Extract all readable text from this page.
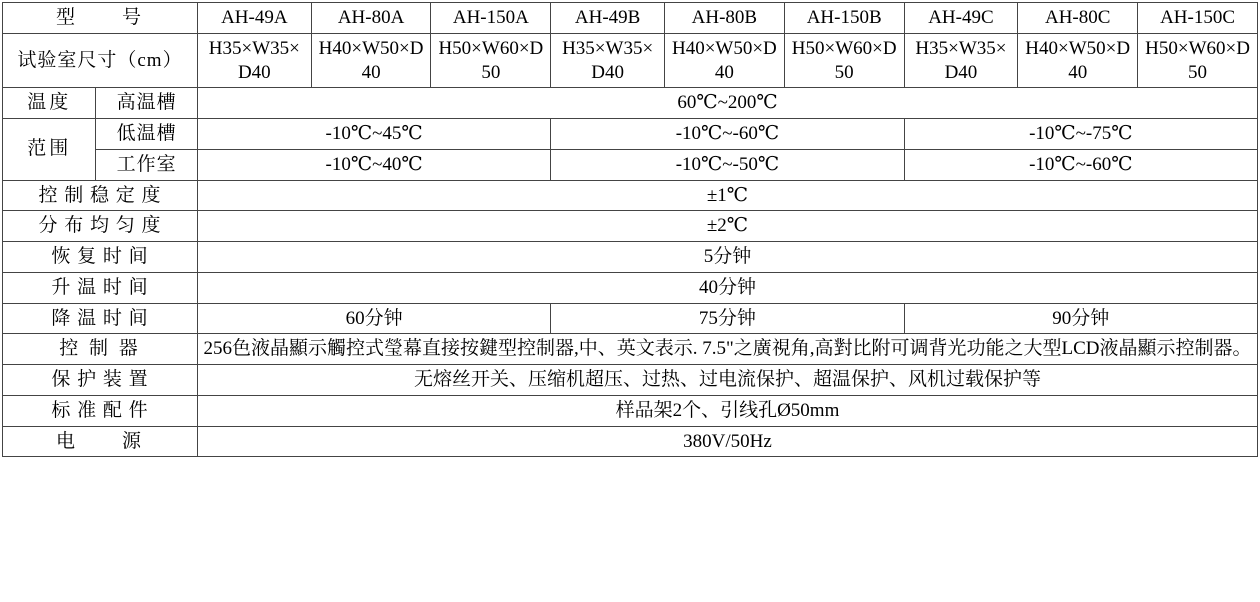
型　　号		AH-49A	AH-80A	AH-150A	AH-49B	AH-80B	AH-150B	AH-49C	AH-80C	AH-150C
试验室尺寸（cm）		H35×W35×D40	H40×W50×D40	H50×W60×D50	H35×W35×D40	H40×W50×D40	H50×W60×D50	H35×W35×D40	H40×W50×D40	H50×W60×D50
温度	高温槽	60℃~200℃								
范围	低温槽	-10℃~45℃			-10℃~-60℃			-10℃~-75℃		
	工作室	-10℃~40℃			-10℃~-50℃			-10℃~-60℃		
控 制 稳 定 度		±1℃								
分 布 均 匀 度		±2℃								
恢 复 时 间		5分钟								
升 温 时 间		40分钟								
降 温 时 间		60分钟			75分钟			90分钟		
控 制 器		256色液晶顯示觸控式瑩幕直接按鍵型控制器,中、英文表示. 7.5"之廣視角,高對比附可调背光功能之大型LCD液晶顯示控制器。								
保 护 装 置		无熔丝开关、压缩机超压、过热、过电流保护、超温保护、风机过载保护等								
标 准 配 件		样品架2个、引线孔Ø50mm								
电　　源		380V/50Hz								
